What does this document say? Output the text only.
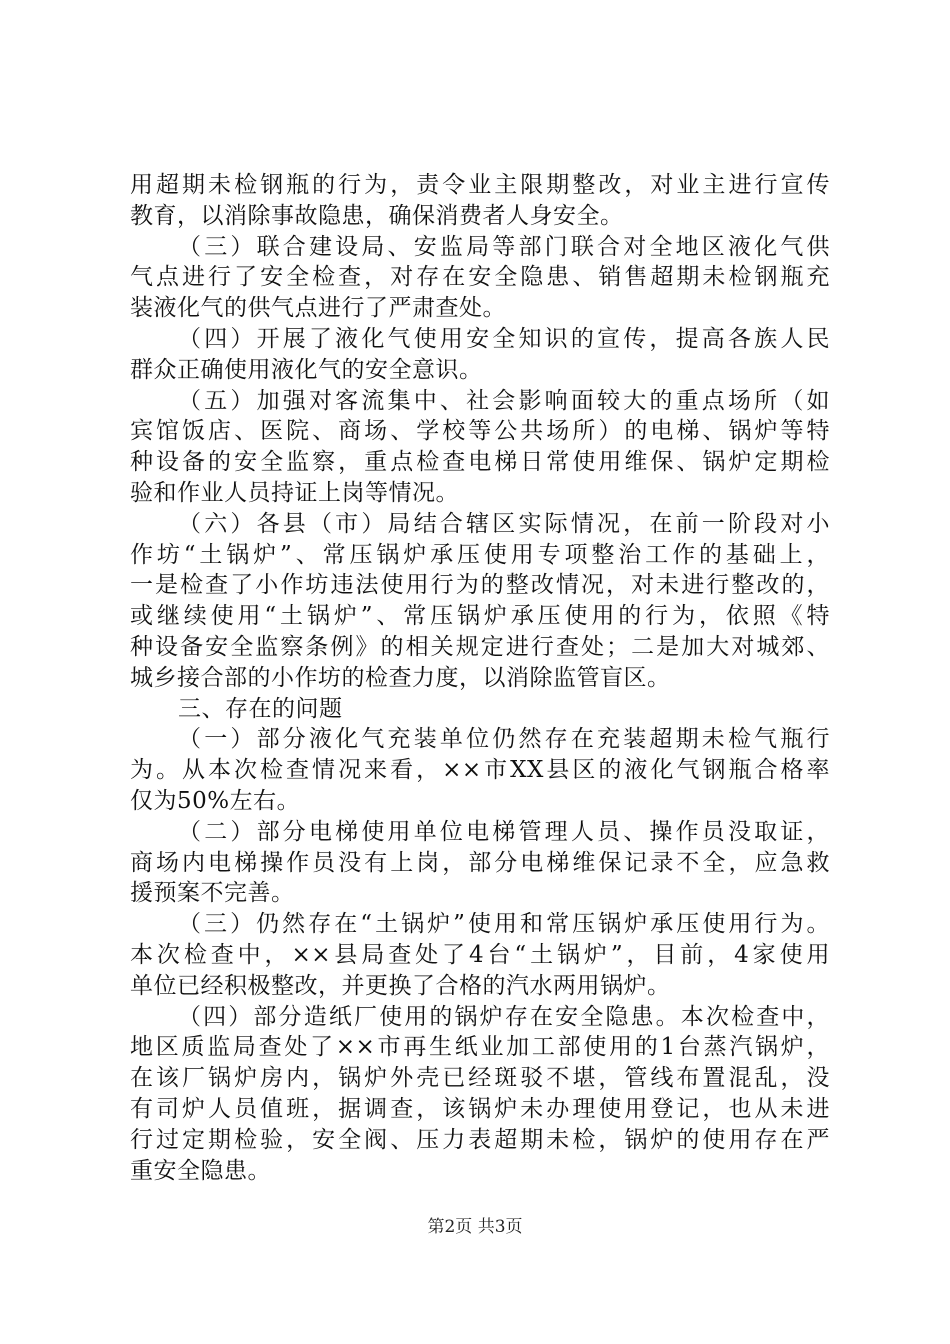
用超期未检钢瓶的行为，责令业主限期整改，对业主进行宣传
教育，以消除事故隐患，确保消费者人身安全。
（三）联合建设局、安监局等部门联合对全地区液化气供
气点进行了安全检查，对存在安全隐患、销售超期未检钢瓶充
装液化气的供气点进行了严肃查处。
（四）开展了液化气使用安全知识的宣传，提高各族人民
群众正确使用液化气的安全意识。
（五）加强对客流集中、社会影响面较大的重点场所（如
宾馆饭店、医院、商场、学校等公共场所）的电梯、锅炉等特
种设备的安全监察，重点检查电梯日常使用维保、锅炉定期检
验和作业人员持证上岗等情况。
（六）各县（市）局结合辖区实际情况，在前一阶段对小
作坊“土锅炉”、常压锅炉承压使用专项整治工作的基础上，
一是检查了小作坊违法使用行为的整改情况，对未进行整改的，
或继续使用“土锅炉”、常压锅炉承压使用的行为，依照《特
种设备安全监察条例》的相关规定进行查处；二是加大对城郊、
城乡接合部的小作坊的检查力度，以消除监管盲区。
三、存在的问题
（一）部分液化气充装单位仍然存在充装超期未检气瓶行
为。从本次检查情况来看，××市XX县区的液化气钢瓶合格率
仅为50%左右。
（二）部分电梯使用单位电梯管理人员、操作员没取证，
商场内电梯操作员没有上岗，部分电梯维保记录不全，应急救
援预案不完善。
（三）仍然存在“土锅炉”使用和常压锅炉承压使用行为。
本次检查中，××县局查处了4台“土锅炉”，目前，4家使用
单位已经积极整改，并更换了合格的汽水两用锅炉。
（四）部分造纸厂使用的锅炉存在安全隐患。本次检查中，
地区质监局查处了××市再生纸业加工部使用的1台蒸汽锅炉，
在该厂锅炉房内，锅炉外壳已经斑驳不堪，管线布置混乱，没
有司炉人员值班，据调查，该锅炉未办理使用登记，也从未进
行过定期检验，安全阀、压力表超期未检，锅炉的使用存在严
重安全隐患。
第2页 共3页
